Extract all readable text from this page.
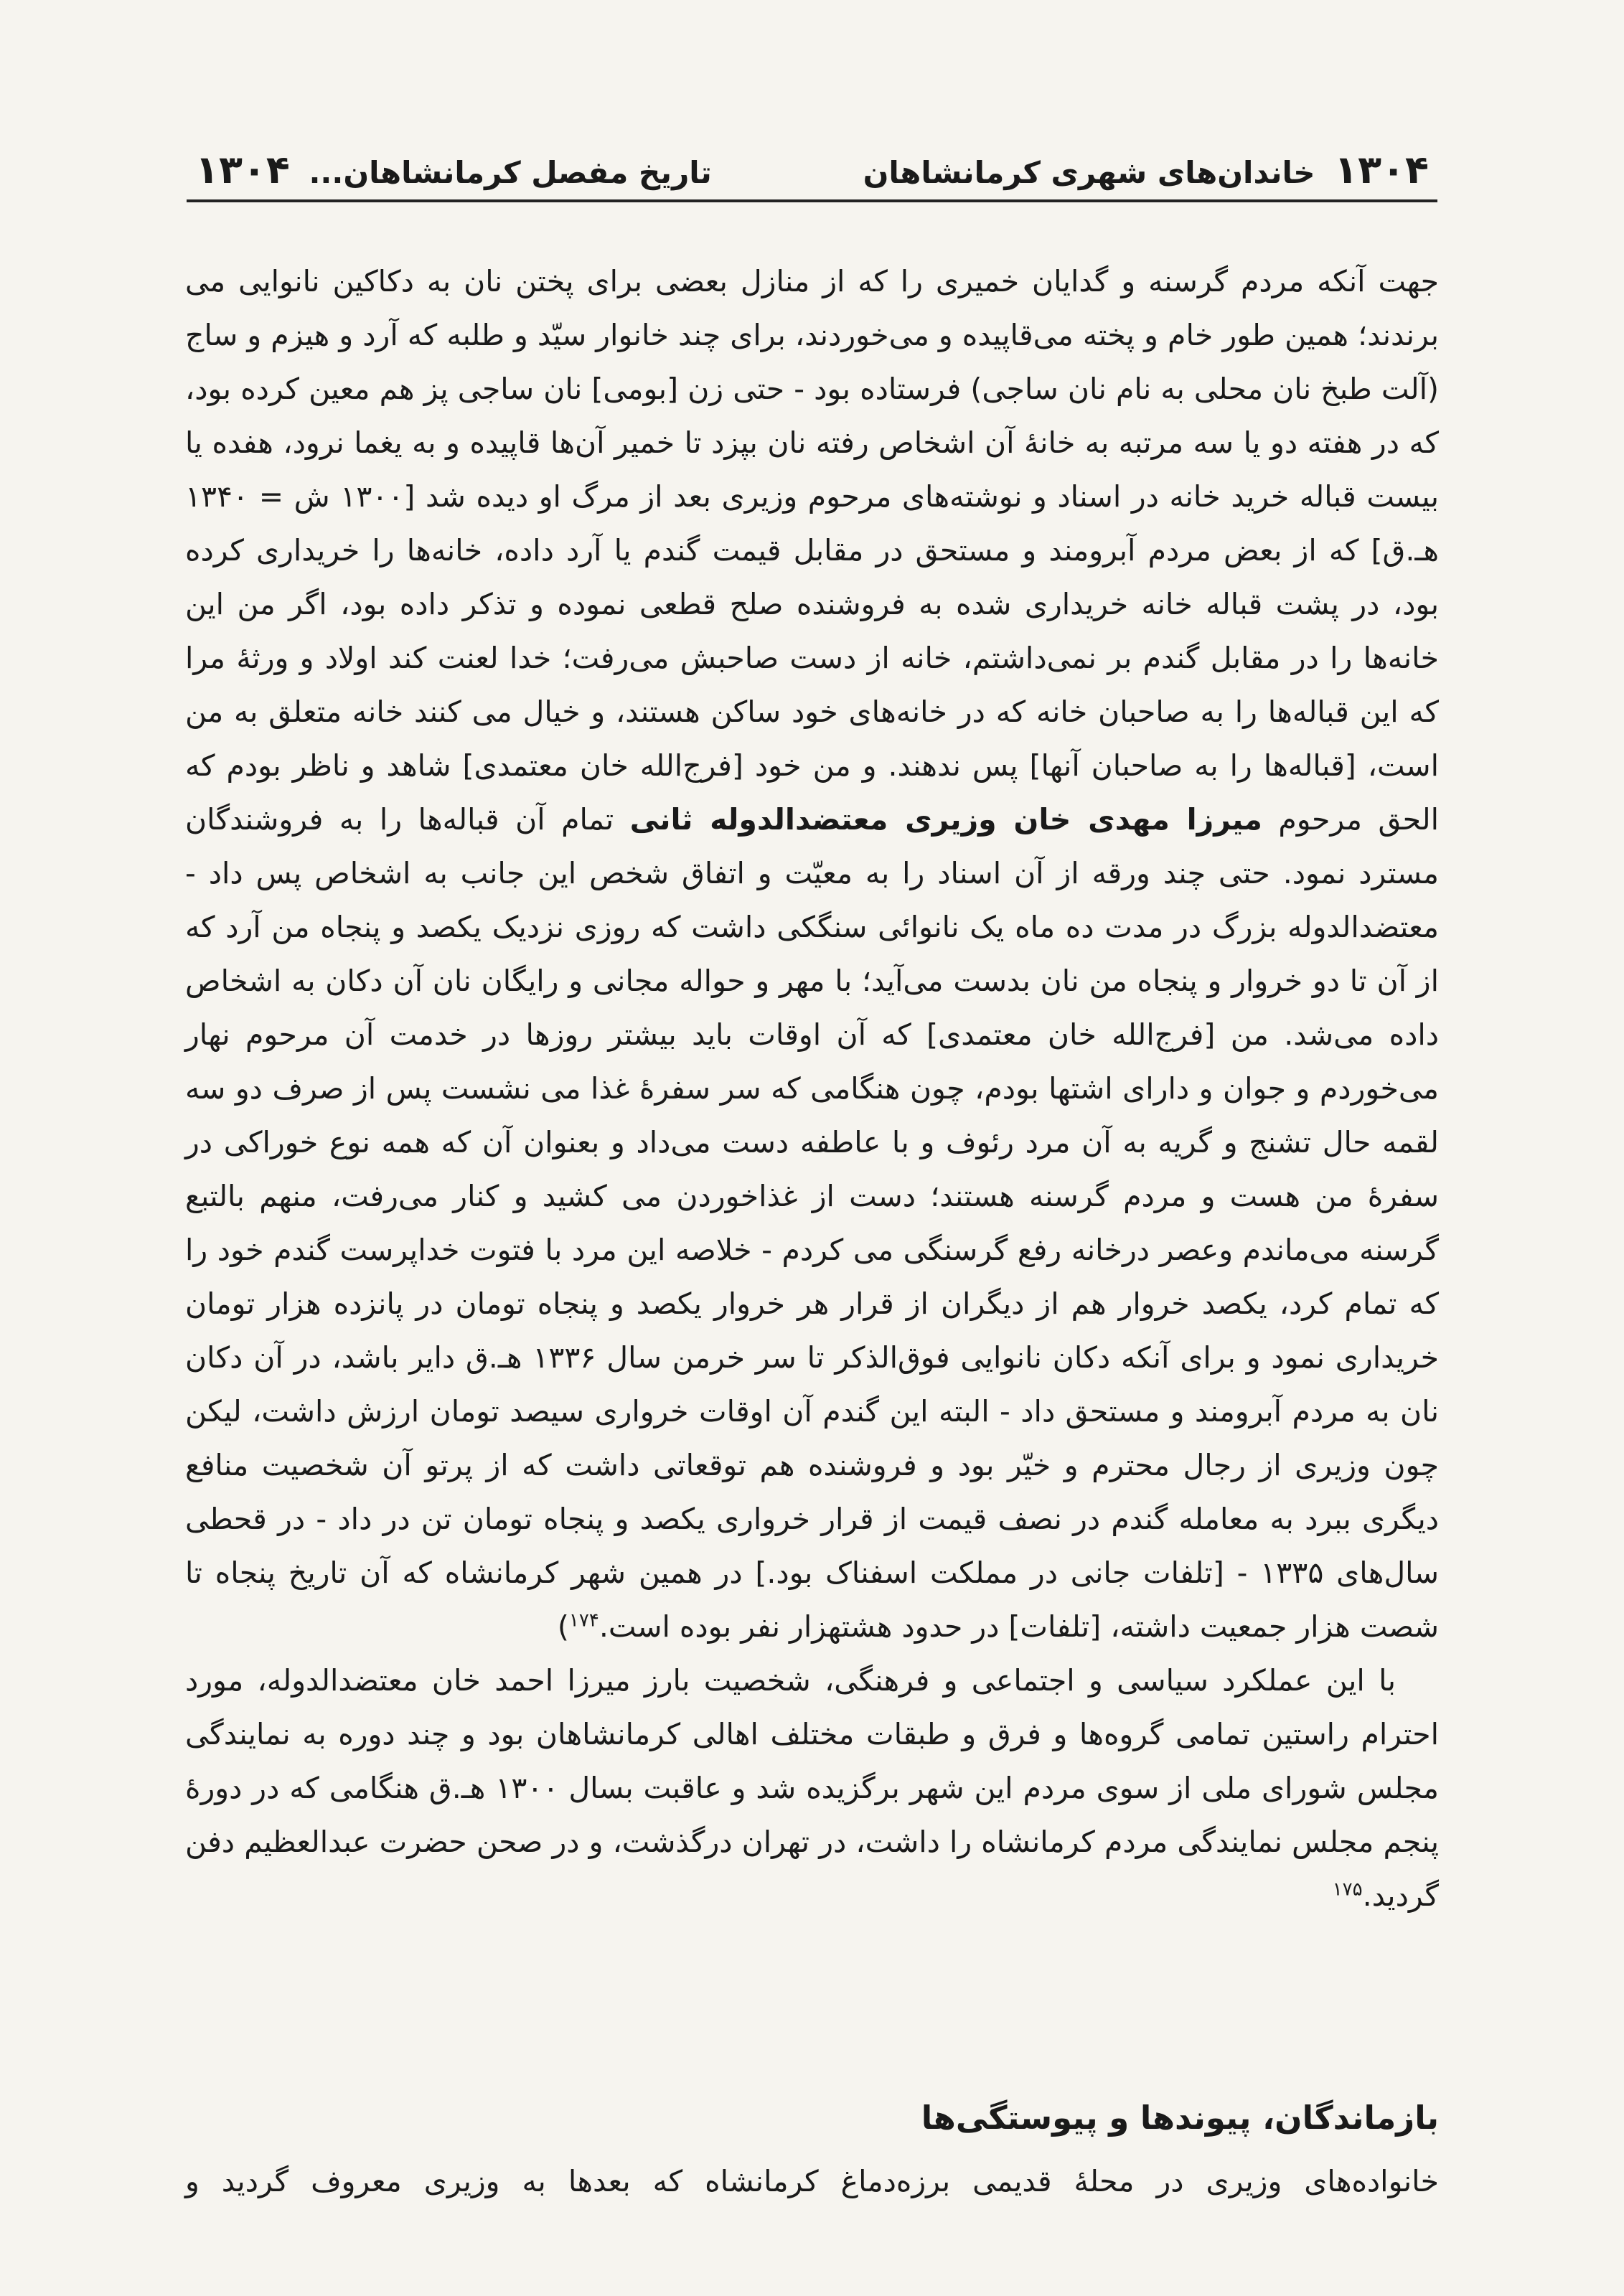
۱۳۰۴ خاندان‌های شهری کرمانشاهان
تاریخ مفصل کرمانشاهان... ۱۳۰۴

جهت آنکه مردم گرسنه و گدایان خمیری را که از منازل بعضی برای پختن نان به دکاکین نانوایی می برندند؛ همین طور خام و پخته می‌قاپیده و می‌خوردند، برای چند خانوار سیّد و طلبه که آرد و هیزم و ساج (آلت طبخ نان محلی به نام نان ساجی) فرستاده بود - حتی زن [بومی] نان ساجی پز هم معین کرده بود، که در هفته دو یا سه مرتبه به خانهٔ آن اشخاص رفته نان بپزد تا خمیر آن‌ها قاپیده و به یغما نرود، هفده یا بیست قباله خرید خانه در اسناد و نوشته‌های مرحوم وزیری بعد از مرگ او دیده شد [۱۳۰۰ ش = ۱۳۴۰ هـ.ق] که از بعض مردم آبرومند و مستحق در مقابل قیمت گندم یا آرد داده، خانه‌ها را خریداری کرده بود، در پشت قباله خانه خریداری شده به فروشنده صلح قطعی نموده و تذکر داده بود، اگر من این خانه‌ها را در مقابل گندم بر نمی‌داشتم، خانه از دست صاحبش می‌رفت؛ خدا لعنت کند اولاد و ورثهٔ مرا که این قباله‌ها را به صاحبان خانه که در خانه‌های خود ساکن هستند، و خیال می کنند خانه متعلق به من است، [قباله‌ها را به صاحبان آنها] پس ندهند. و من خود [فرج‌الله خان معتمدی] شاهد و ناظر بودم که الحق مرحوم میرزا مهدی خان وزیری معتضدالدوله ثانی تمام آن قباله‌ها را به فروشندگان مسترد نمود. حتی چند ورقه از آن اسناد را به معیّت و اتفاق شخص این جانب به اشخاص پس داد - معتضدالدوله بزرگ در مدت ده ماه یک نانوائی سنگکی داشت که روزی نزدیک یکصد و پنجاه من آرد که از آن تا دو خروار و پنجاه من نان بدست می‌آید؛ با مهر و حواله مجانی و رایگان نان آن دکان به اشخاص داده می‌شد. من [فرج‌الله خان معتمدی] که آن اوقات باید بیشتر روزها در خدمت آن مرحوم نهار می‌خوردم و جوان و دارای اشتها بودم، چون هنگامی که سر سفرهٔ غذا می نشست پس از صرف دو سه لقمه حال تشنج و گریه به آن مرد رئوف و با عاطفه دست می‌داد و بعنوان آن که همه نوع خوراکی در سفرهٔ من هست و مردم گرسنه هستند؛ دست از غذاخوردن می کشید و کنار می‌رفت، منهم بالتبع گرسنه می‌ماندم وعصر درخانه رفع گرسنگی می کردم - خلاصه این مرد با فتوت خداپرست گندم خود را که تمام کرد، یکصد خروار هم از دیگران از قرار هر خروار یکصد و پنجاه تومان در پانزده هزار تومان خریداری نمود و برای آنکه دکان نانوایی فوق‌الذکر تا سر خرمن سال ۱۳۳۶ هـ.ق دایر باشد، در آن دکان نان به مردم آبرومند و مستحق داد - البته این گندم آن اوقات خرواری سیصد تومان ارزش داشت، لیکن چون وزیری از رجال محترم و خیّر بود و فروشنده هم توقعاتی داشت که از پرتو آن شخصیت منافع دیگری ببرد به معامله گندم در نصف قیمت از قرار خرواری یکصد و پنجاه تومان تن در داد - در قحطی سال‌های ۱۳۳۵ - [تلفات جانی در مملکت اسفناک بود.] در همین شهر کرمانشاه که آن تاریخ پنجاه تا شصت هزار جمعیت داشته، [تلفات] در حدود هشتهزار نفر بوده است.$^{۱۷۴}$)

با این عملکرد سیاسی و اجتماعی و فرهنگی، شخصیت بارز میرزا احمد خان معتضدالدوله، مورد احترام راستین تمامی گروه‌ها و فرق و طبقات مختلف اهالی کرمانشاهان بود و چند دوره به نمایندگی مجلس شورای ملی از سوی مردم این شهر برگزیده شد و عاقبت بسال ۱۳۰۰ هـ.ق هنگامی که در دورهٔ پنجم مجلس نمایندگی مردم کرمانشاه را داشت، در تهران درگذشت، و در صحن حضرت عبدالعظیم دفن گردید.$^{۱۷۵}$

بازماندگان، پیوندها و پیوستگی‌ها
خانواده‌های وزیری در محلهٔ قدیمی برزه‌دماغ کرمانشاه که بعدها به وزیری معروف گردید و
